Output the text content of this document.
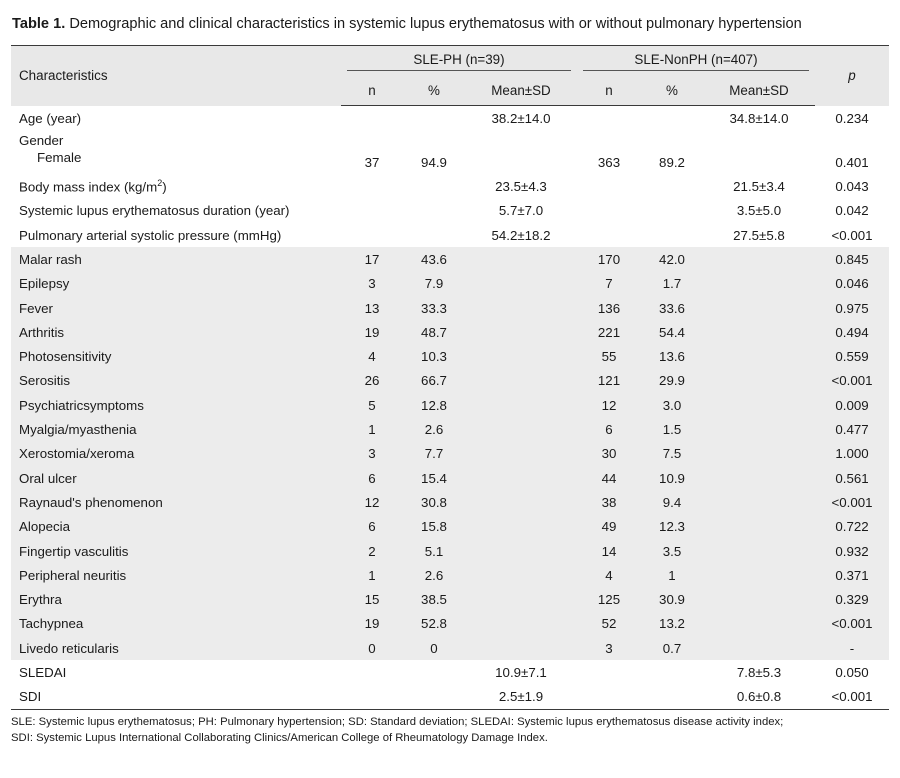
Table 1. Demographic and clinical characteristics in systemic lupus erythematosus with or without pulmonary hypertension
Characteristics	SLE-PH (n=39)			SLE-NonPH (n=407)			p
	n	%	Mean±SD	n	%	Mean±SD	
Age (year)			38.2±14.0			34.8±14.0	0.234

Gender
Female	37	94.9		363	89.2		0.401
Body mass index $(kg/m^2)$			23.5±4.3			21.5±3.4	0.043
Systemic lupus erythematosus duration (year)			5.7±7.0			3.5±5.0	0.042
Pulmonary arterial systolic pressure (mmHg)			54.2±18.2			27.5±5.8	<0.001
Malar rash	17	43.6		170	42.0		0.845
Epilepsy	3	7.9		7	1.7		0.046
Fever	13	33.3		136	33.6		0.975
Arthritis	19	48.7		221	54.4		0.494
Photosensitivity	4	10.3		55	13.6		0.559
Serositis	26	66.7		121	29.9		<0.001
Psychiatricsymptoms	5	12.8		12	3.0		0.009
Myalgia/myasthenia	1	2.6		6	1.5		0.477
Xerostomia/xeroma	3	7.7		30	7.5		1.000
Oral ulcer	6	15.4		44	10.9		0.561
Raynaud's phenomenon	12	30.8		38	9.4		<0.001
Alopecia	6	15.8		49	12.3		0.722
Fingertip vasculitis	2	5.1		14	3.5		0.932
Peripheral neuritis	1	2.6		4	1		0.371
Erythra	15	38.5		125	30.9		0.329
Tachypnea	19	52.8		52	13.2		<0.001
Livedo reticularis	0	0		3	0.7		-
SLEDAI			10.9±7.1			7.8±5.3	0.050
SDI			2.5±1.9			0.6±0.8	<0.001
SLE: Systemic lupus erythematosus; PH: Pulmonary hypertension; SD: Standard deviation; SLEDAI: Systemic lupus erythematosus disease activity index;
SDI: Systemic Lupus International Collaborating Clinics/American College of Rheumatology Damage Index.
